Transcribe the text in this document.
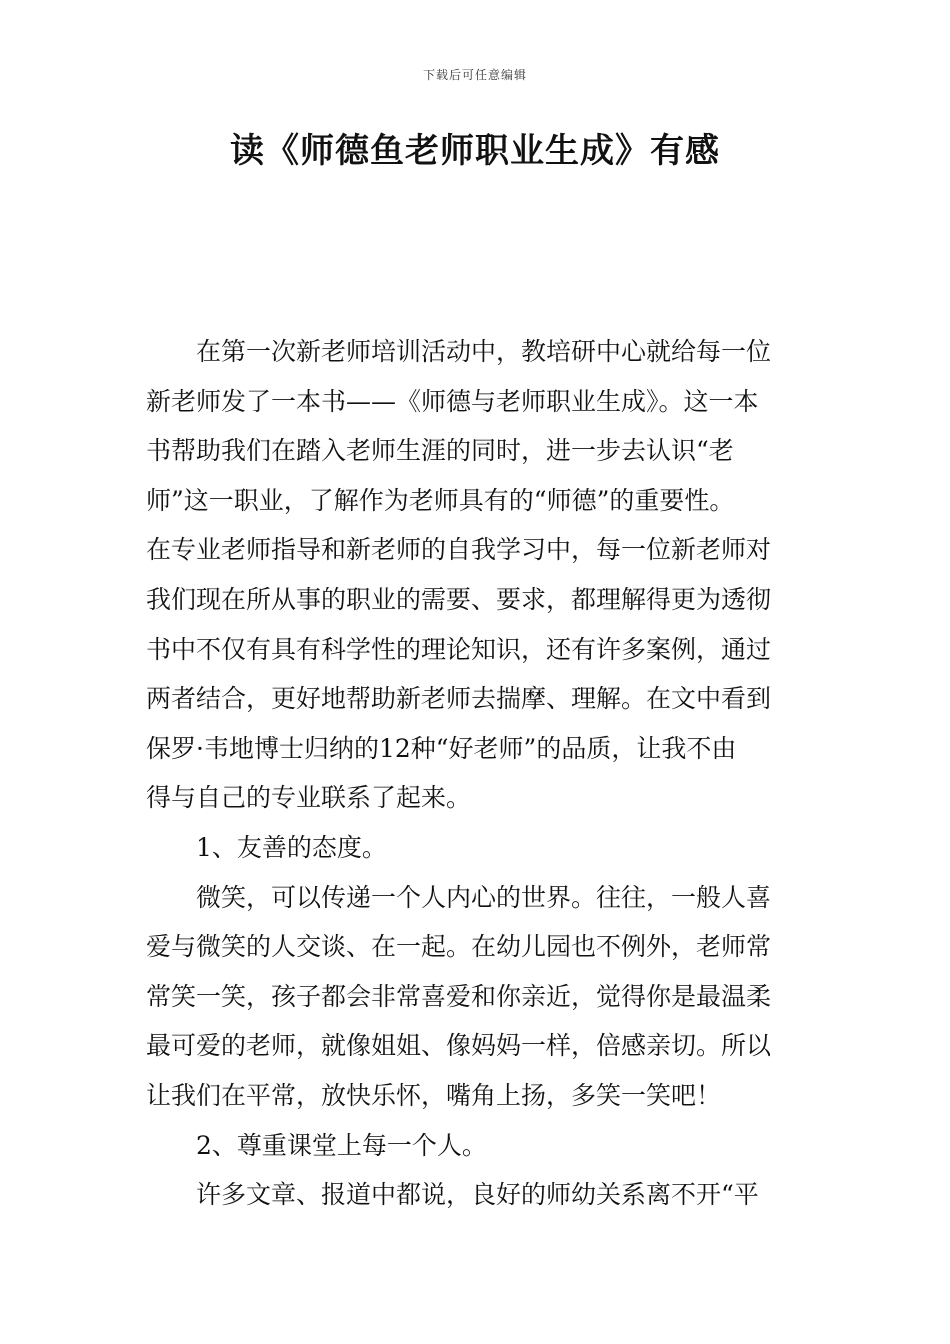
下载后可任意编辑
读《师德鱼老师职业生成》有感
在第一次新老师培训活动中，教培研中心就给每一位
新老师发了一本书——《师德与老师职业生成》。这一本
书帮助我们在踏入老师生涯的同时，进一步去认识“老
师”这一职业，了解作为老师具有的“师德”的重要性。
在专业老师指导和新老师的自我学习中，每一位新老师对
我们现在所从事的职业的需要、要求，都理解得更为透彻
书中不仅有具有科学性的理论知识，还有许多案例，通过
两者结合，更好地帮助新老师去揣摩、理解。在文中看到
保罗·韦地博士归纳的12种“好老师”的品质，让我不由
得与自己的专业联系了起来。
1、友善的态度。
微笑，可以传递一个人内心的世界。往往，一般人喜
爱与微笑的人交谈、在一起。在幼儿园也不例外，老师常
常笑一笑，孩子都会非常喜爱和你亲近，觉得你是最温柔
最可爱的老师，就像姐姐、像妈妈一样，倍感亲切。所以
让我们在平常，放快乐怀，嘴角上扬，多笑一笑吧！
2、尊重课堂上每一个人。
许多文章、报道中都说，良好的师幼关系离不开“平
